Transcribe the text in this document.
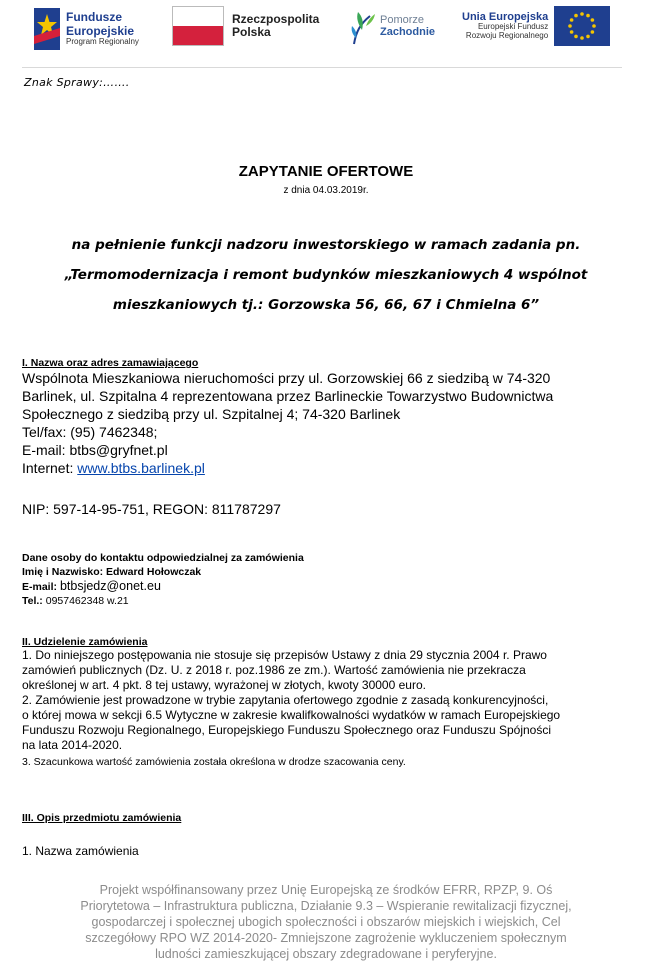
Fundusze
Europejskie
Program Regionalny
Rzeczpospolita
Polska
Pomorze
Zachodnie
Unia Europejska
Europejski Fundusz
Rozwoju Regionalnego
Znak Sprawy:…….
ZAPYTANIE OFERTOWE
z dnia 04.03.2019r.
na pełnienie funkcji nadzoru inwestorskiego w ramach zadania pn.
„Termomodernizacja i remont budynków mieszkaniowych 4 wspólnot
mieszkaniowych tj.: Gorzowska 56, 66, 67 i Chmielna 6”
I. Nazwa oraz adres zamawiającego
Wspólnota Mieszkaniowa nieruchomości przy ul. Gorzowskiej 66 z siedzibą w 74-320
Barlinek, ul. Szpitalna 4 reprezentowana przez Barlineckie Towarzystwo Budownictwa
Społecznego z siedzibą przy ul. Szpitalnej 4; 74-320 Barlinek
Tel/fax: (95) 7462348;
E-mail: btbs@gryfnet.pl
Internet: www.btbs.barlinek.pl
NIP: 597-14-95-751, REGON: 811787297
Dane osoby do kontaktu odpowiedzialnej za zamówienia
Imię i Nazwisko: Edward Hołowczak
E-mail: btbsjedz@onet.eu
Tel.: 0957462348 w.21
II. Udzielenie zamówienia
1. Do niniejszego postępowania nie stosuje się przepisów Ustawy z dnia 29 stycznia 2004 r. Prawo
zamówień publicznych (Dz. U. z 2018 r. poz.1986 ze zm.). Wartość zamówienia nie przekracza
określonej w art. 4 pkt. 8 tej ustawy, wyrażonej w złotych, kwoty 30000 euro.
2. Zamówienie jest prowadzone w trybie zapytania ofertowego zgodnie z zasadą konkurencyjności,
o której mowa w sekcji 6.5 Wytyczne w zakresie kwalifkowalności wydatków w ramach Europejskiego
Funduszu Rozwoju Regionalnego, Europejskiego Funduszu Społecznego oraz Funduszu Spójności
na lata 2014-2020.
3. Szacunkowa wartość zamówienia została określona w drodze szacowania ceny.
III. Opis przedmiotu zamówienia
1. Nazwa zamówienia
Projekt współfinansowany przez Unię Europejską ze środków EFRR, RPZP, 9. Oś
Priorytetowa – Infrastruktura publiczna, Działanie 9.3 – Wspieranie rewitalizacji fizycznej,
gospodarczej i społecznej ubogich społeczności i obszarów miejskich i wiejskich, Cel
szczegółowy RPO WZ 2014-2020- Zmniejszone zagrożenie wykluczeniem społecznym
ludności zamieszkującej obszary zdegradowane i peryferyjne.
